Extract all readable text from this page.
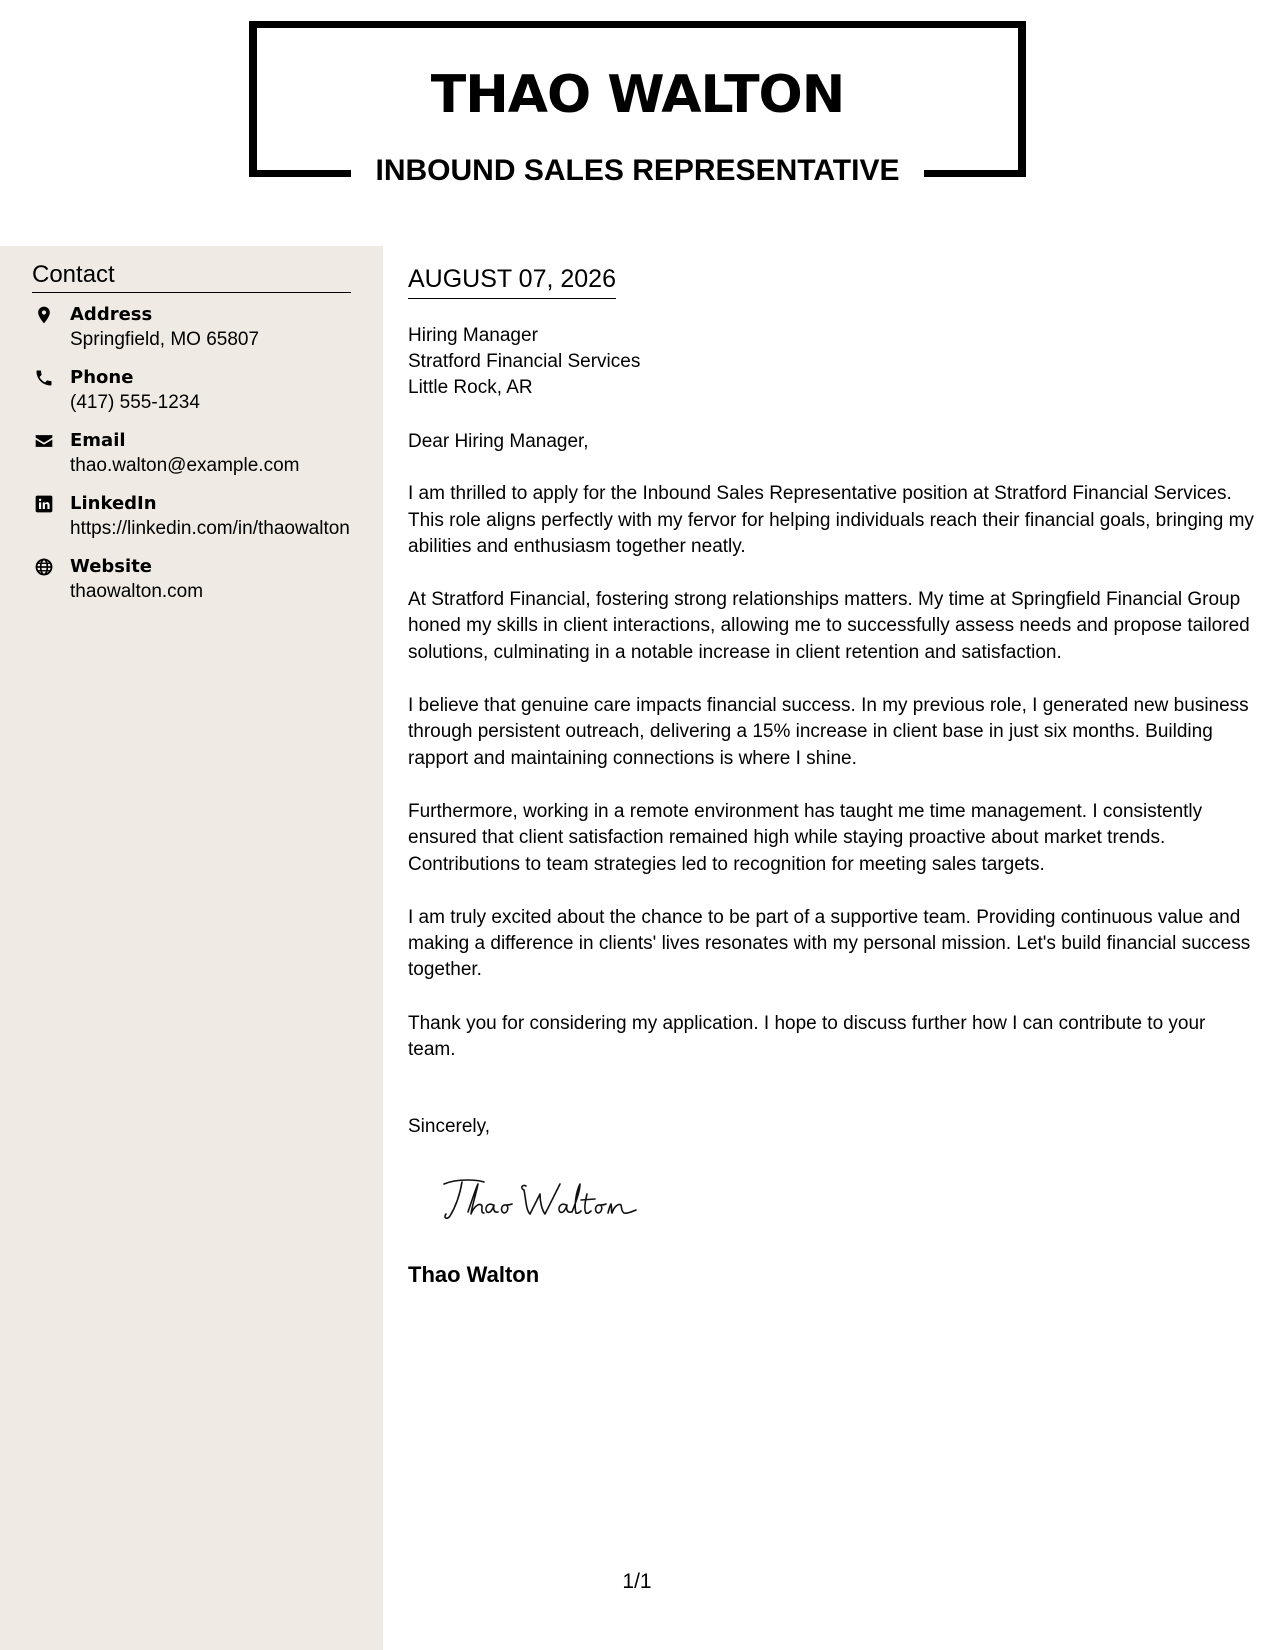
THAO WALTON
INBOUND SALES REPRESENTATIVE
Contact
Address
Springfield, MO 65807
Phone
(417) 555-1234
Email
thao.walton@example.com
LinkedIn
https://linkedin.com/in/thaowalton
Website
thaowalton.com
AUGUST 07, 2026
Hiring Manager
Stratford Financial Services
Little Rock, AR

Dear Hiring Manager,

I am thrilled to apply for the Inbound Sales Representative position at Stratford Financial Services. This role aligns perfectly with my fervor for helping individuals reach their financial goals, bringing my abilities and enthusiasm together neatly.

At Stratford Financial, fostering strong relationships matters. My time at Springfield Financial Group honed my skills in client interactions, allowing me to successfully assess needs and propose tailored solutions, culminating in a notable increase in client retention and satisfaction.

I believe that genuine care impacts financial success. In my previous role, I generated new business through persistent outreach, delivering a 15% increase in client base in just six months. Building rapport and maintaining connections is where I shine.

Furthermore, working in a remote environment has taught me time management. I consistently ensured that client satisfaction remained high while staying proactive about market trends. Contributions to team strategies led to recognition for meeting sales targets.

I am truly excited about the chance to be part of a supportive team. Providing continuous value and making a difference in clients' lives resonates with my personal mission. Let's build financial success together.

Thank you for considering my application. I hope to discuss further how I can contribute to your team.

Sincerely,
Thao Walton
1/1
